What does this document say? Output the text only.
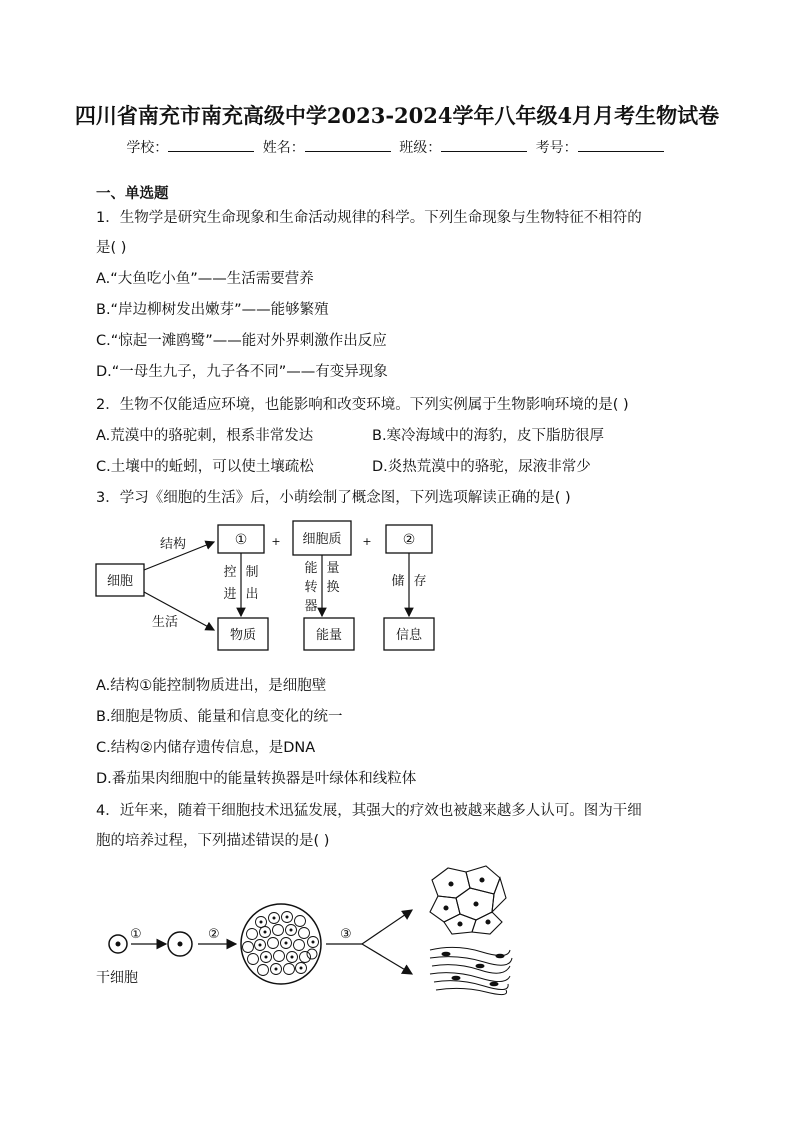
四川省南充市南充高级中学2023-2024学年八年级4月月考生物试卷
学校：	姓名：	班级：	考号：
一、单选题
1．生物学是研究生命现象和生命活动规律的科学。下列生命现象与生物特征不相符的
是( )
A.“大鱼吃小鱼”——生活需要营养
B.“岸边柳树发出嫩芽”——能够繁殖
C.“惊起一滩鸥鹭”——能对外界刺激作出反应
D.“一母生九子，九子各不同”——有变异现象
2．生物不仅能适应环境，也能影响和改变环境。下列实例属于生物影响环境的是( )
A.荒漠中的骆驼刺，根系非常发达	B.寒冷海域中的海豹，皮下脂肪很厚
C.土壤中的蚯蚓，可以使土壤疏松	D.炎热荒漠中的骆驼，尿液非常少
3．学习《细胞的生活》后，小萌绘制了概念图，下列选项解读正确的是( )
细胞
结构
生活
① + 细胞质 + ②
控 制
进 出
能 量
转 换
器
储 存
物质	能量	信息
A.结构①能控制物质进出，是细胞壁
B.细胞是物质、能量和信息变化的统一
C.结构②内储存遗传信息，是DNA
D.番茄果肉细胞中的能量转换器是叶绿体和线粒体
4．近年来，随着干细胞技术迅猛发展，其强大的疗效也被越来越多人认可。图为干细
胞的培养过程，下列描述错误的是( )
①	②	③
干细胞
